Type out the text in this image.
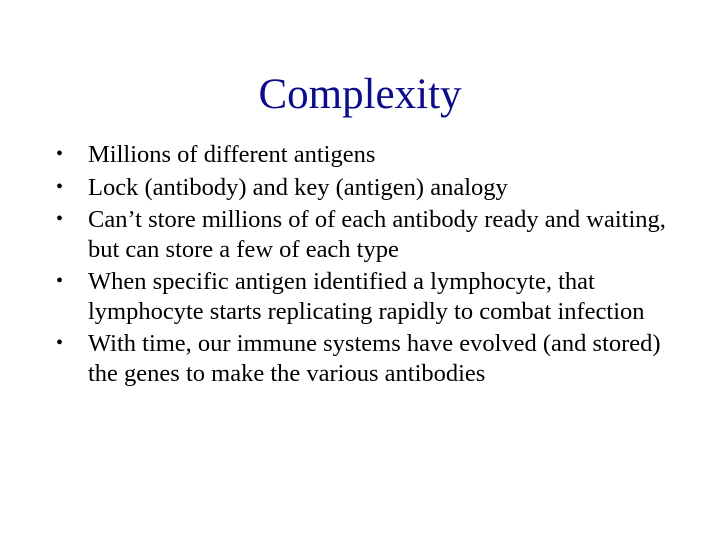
Complexity
• Millions of different antigens
• Lock (antibody) and key (antigen) analogy
• Can’t store millions of of each antibody ready and waiting, but can store a few of each type
• When specific antigen identified a lymphocyte, that lymphocyte starts replicating rapidly to combat infection
• With time, our immune systems have evolved (and stored) the genes to make the various antibodies
